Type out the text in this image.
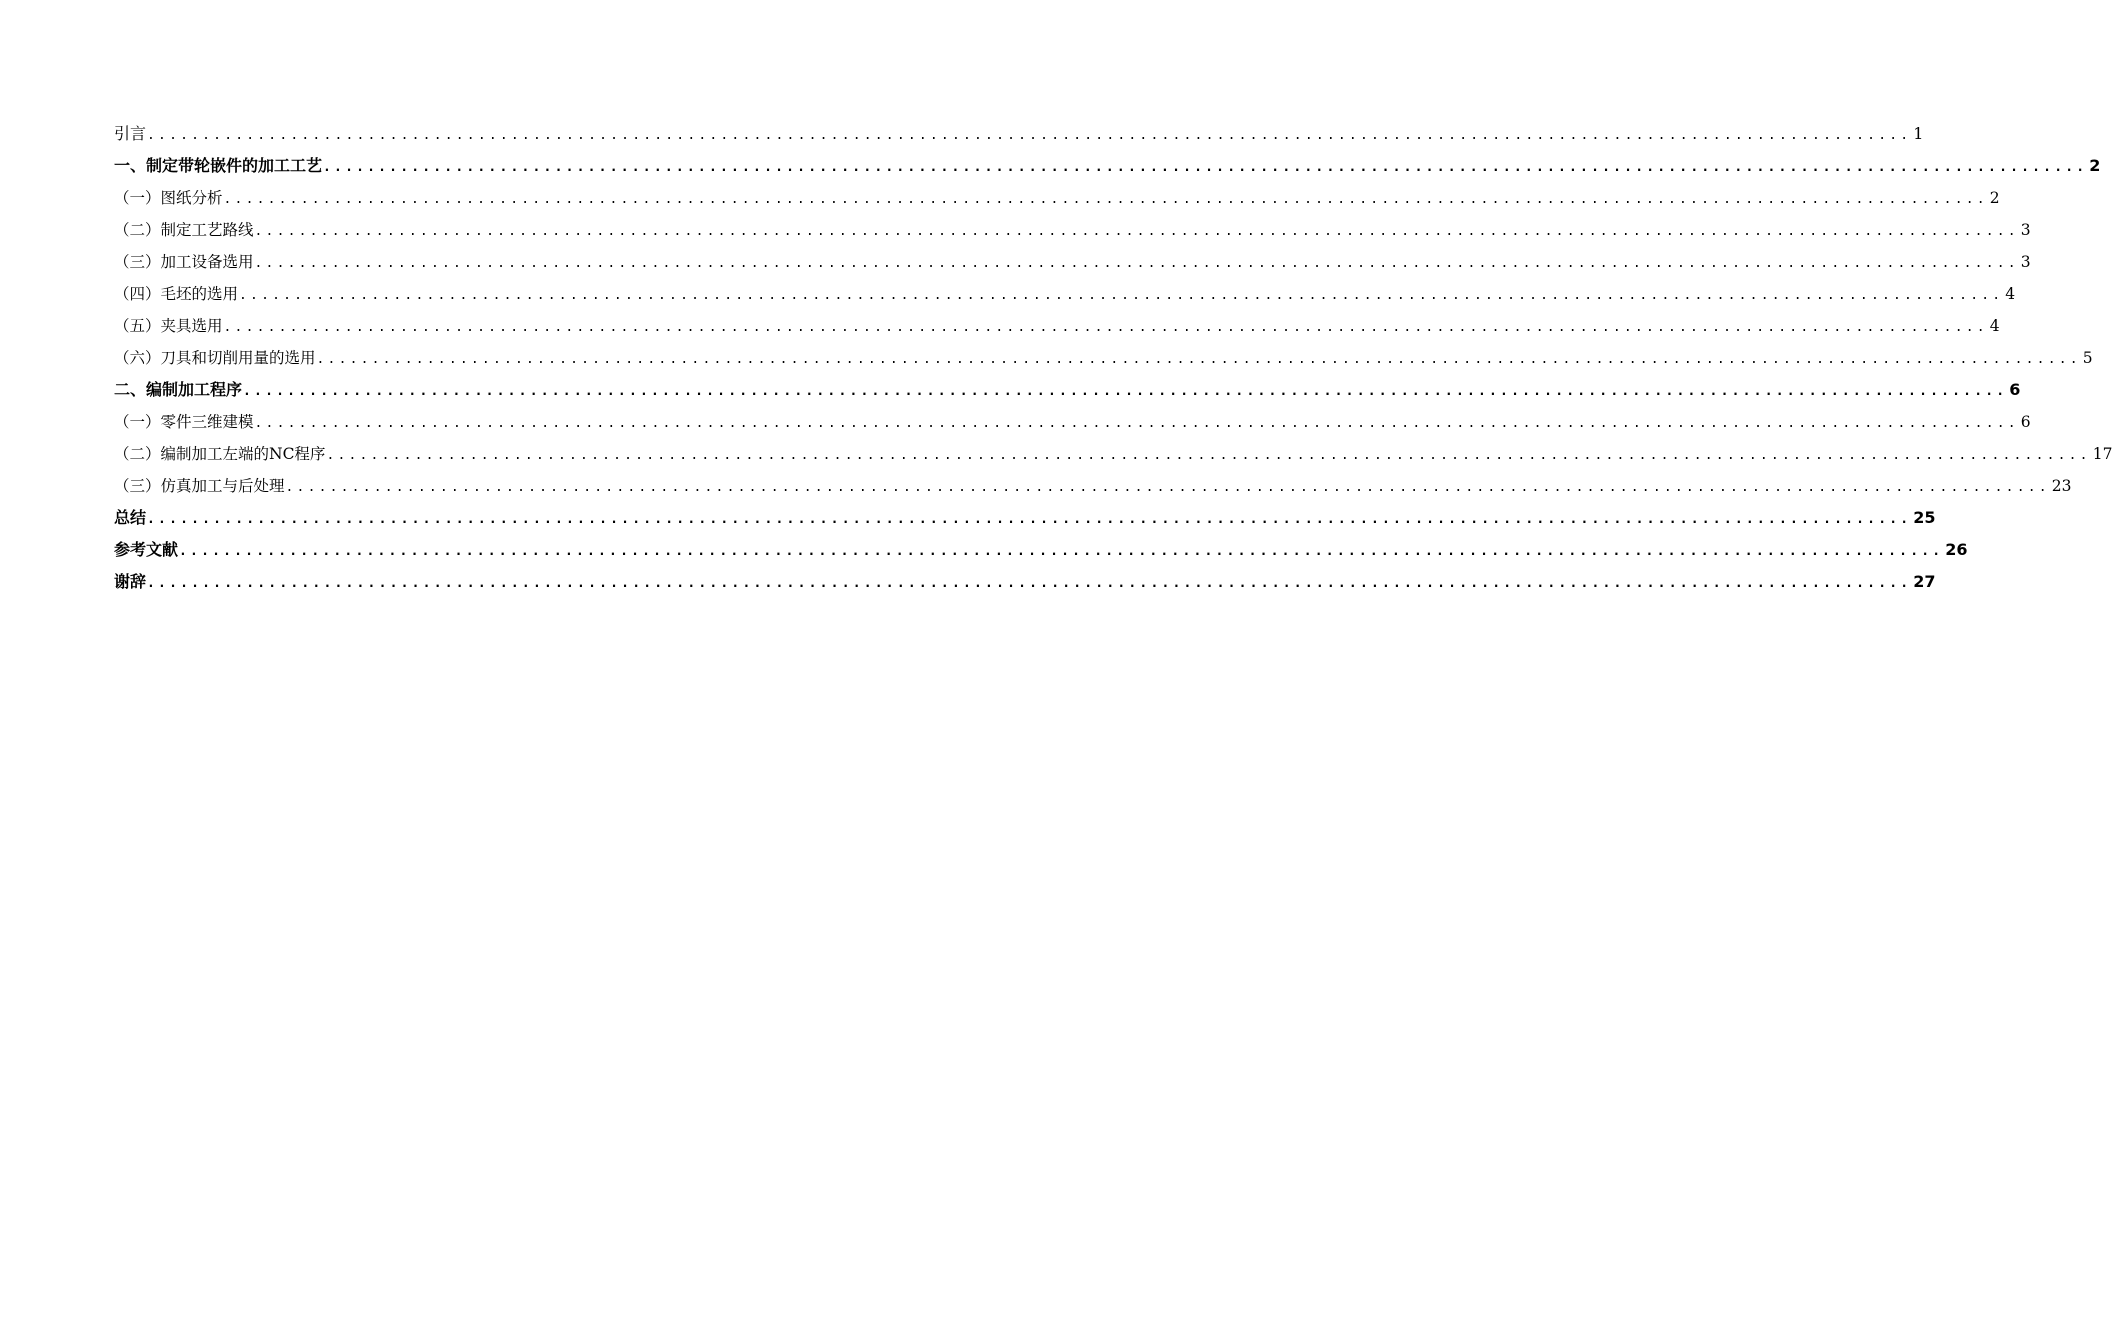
引言 ................................................................................................................................................................ 1
一、制定带轮嵌件的加工工艺 ................................................................................................................................................................ 2
（一）图纸分析 ................................................................................................................................................................ 2
（二）制定工艺路线 ................................................................................................................................................................ 3
（三）加工设备选用 ................................................................................................................................................................ 3
（四）毛坯的选用 ................................................................................................................................................................ 4
（五）夹具选用 ................................................................................................................................................................ 4
（六）刀具和切削用量的选用 ................................................................................................................................................................ 5
二、编制加工程序 ................................................................................................................................................................ 6
（一）零件三维建模 ................................................................................................................................................................ 6
（二）编制加工左端的NC程序 ................................................................................................................................................................ 17
（三）仿真加工与后处理 ................................................................................................................................................................ 23
总结 ................................................................................................................................................................ 25
参考文献 ................................................................................................................................................................ 26
谢辞 ................................................................................................................................................................ 27
